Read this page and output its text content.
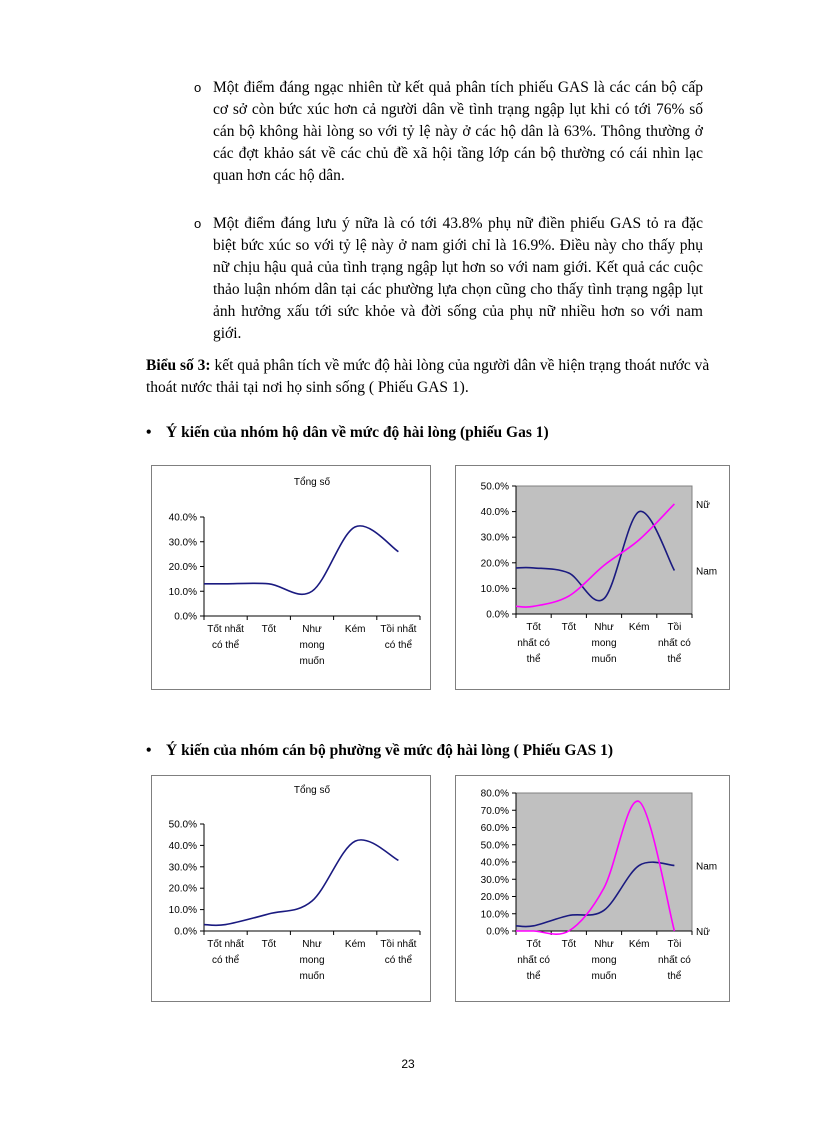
o Một điểm đáng ngạc nhiên từ kết quả phân tích phiếu GAS là các cán bộ cấp cơ sở còn bức xúc hơn cả người dân về tình trạng ngập lụt khi có tới 76% số cán bộ không hài lòng so với tỷ lệ này ở các hộ dân là 63%. Thông thường ở các đợt khảo sát về các chủ đề xã hội tầng lớp cán bộ thường có cái nhìn lạc quan hơn các hộ dân.
o Một điểm đáng lưu ý nữa là có tới 43.8% phụ nữ điền phiếu GAS tỏ ra đặc biệt bức xúc so với tỷ lệ này ở nam giới chỉ là 16.9%. Điều này cho thấy phụ nữ chịu hậu quả của tình trạng ngập lụt hơn so với nam giới. Kết quả các cuộc thảo luận nhóm dân tại các phường lựa chọn cũng cho thấy tình trạng ngập lụt ảnh hưởng xấu tới sức khỏe và đời sống của phụ nữ nhiều hơn so với nam giới.
Biểu số 3: kết quả phân tích về mức độ hài lòng của người dân về hiện trạng thoát nước và thoát nước thải tại nơi họ sinh sống ( Phiếu GAS 1).
• Ý kiến của nhóm hộ dân về mức độ hài lòng (phiếu Gas 1)
Tổng số
0.0%
10.0%
20.0%
30.0%
40.0%
Tốt nhất có thể
Tốt	Như mong muốn
Kém Tồi nhất có thể
0.0%
10.0%
20.0%
30.0%
40.0%
50.0%
Tốt nhất có thể
Tốt Như mong muốn
Kém	Tồi nhất có thể
Nam
Nữ
• Ý kiến của nhóm cán bộ phường về mức độ hài lòng ( Phiếu GAS 1)
Tổng số
0.0%
10.0%
20.0%
30.0%
40.0%
50.0%
Tốt nhất có thể
Tốt	Như mong muốn
Kém Tồi nhất có thể
0.0%
10.0%
20.0%
30.0%
40.0%
50.0%
60.0%
70.0%
80.0%
Tốt nhất có thể
Tốt Như mong muốn
Kém	Tồi nhất có thể
Nam
Nữ
23
